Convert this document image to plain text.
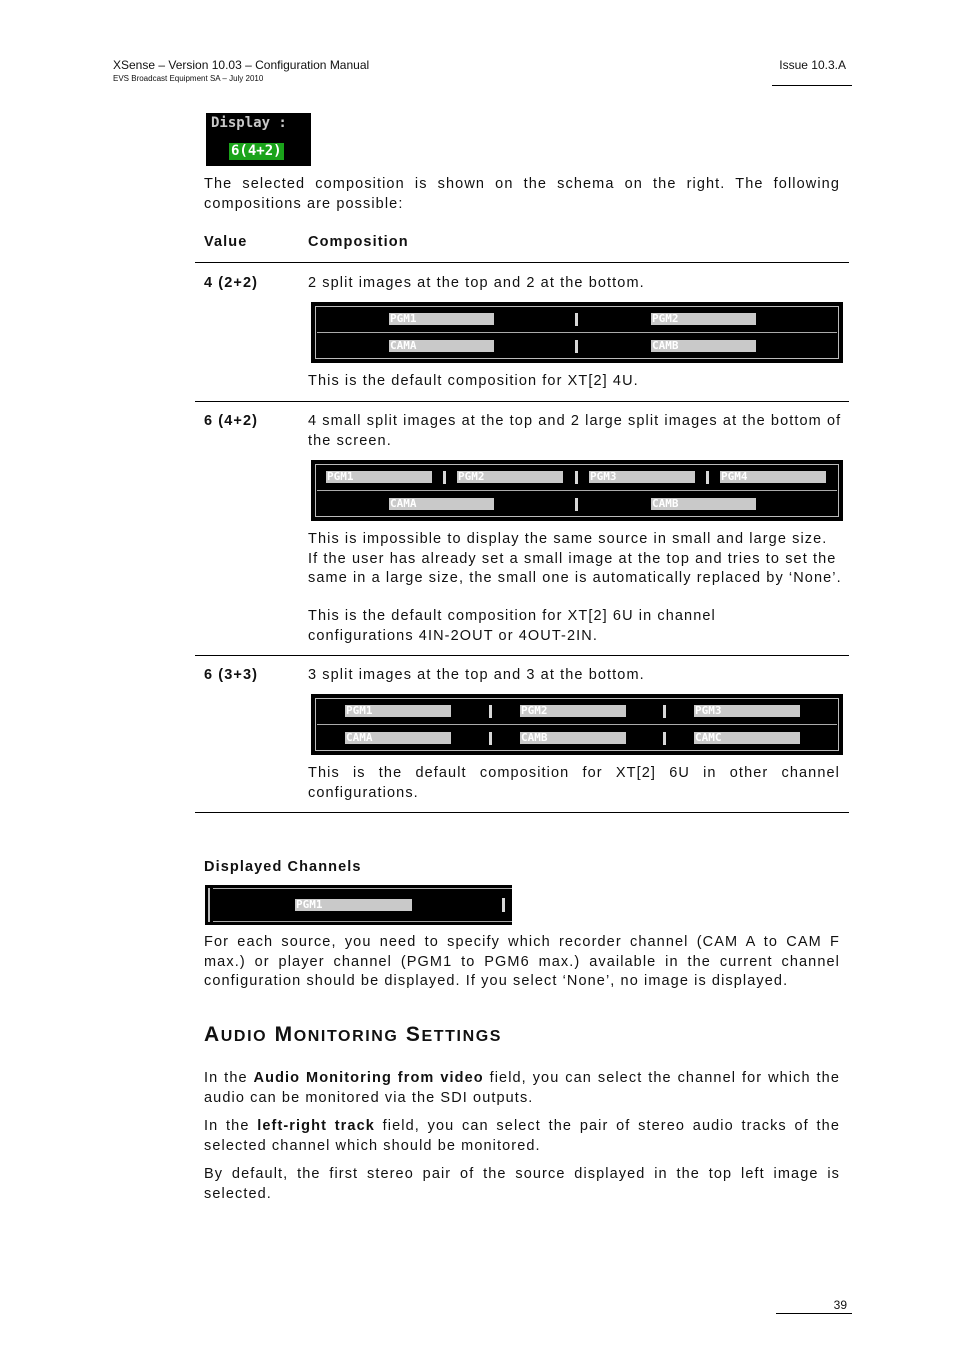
XSense – Version 10.03 – Configuration Manual
EVS Broadcast Equipment SA – July 2010
Issue 10.3.A
Display :
6(4+2)
The selected composition is shown on the schema on the right. The following compositions are possible:
Value	Composition
4 (2+2)	2 split images at the top and 2 at the bottom.
PGM1	PGM2
CAMA	CAMB
This is the default composition for XT[2] 4U.
6 (4+2)	4 small split images at the top and 2 large split images at the bottom of the screen.
PGM1	PGM2	PGM3	PGM4
CAMA	CAMB
This is impossible to display the same source in small and large size. If the user has already set a small image at the top and tries to set the same in a large size, the small one is automatically replaced by ‘None’.
This is the default composition for XT[2] 6U in channel configurations 4IN-2OUT or 4OUT-2IN.
6 (3+3)	3 split images at the top and 3 at the bottom.
PGM1	PGM2	PGM3
CAMA	CAMB	CAMC
This is the default composition for XT[2] 6U in other channel configurations.
Displayed Channels
PGM1
For each source, you need to specify which recorder channel (CAM A to CAM F max.) or player channel (PGM1 to PGM6 max.) available in the current channel configuration should be displayed. If you select ‘None’, no image is displayed.
AUDIO MONITORING SETTINGS
In the Audio Monitoring from video field, you can select the channel for which the audio can be monitored via the SDI outputs.
In the left-right track field, you can select the pair of stereo audio tracks of the selected channel which should be monitored.
By default, the first stereo pair of the source displayed in the top left image is selected.
39
